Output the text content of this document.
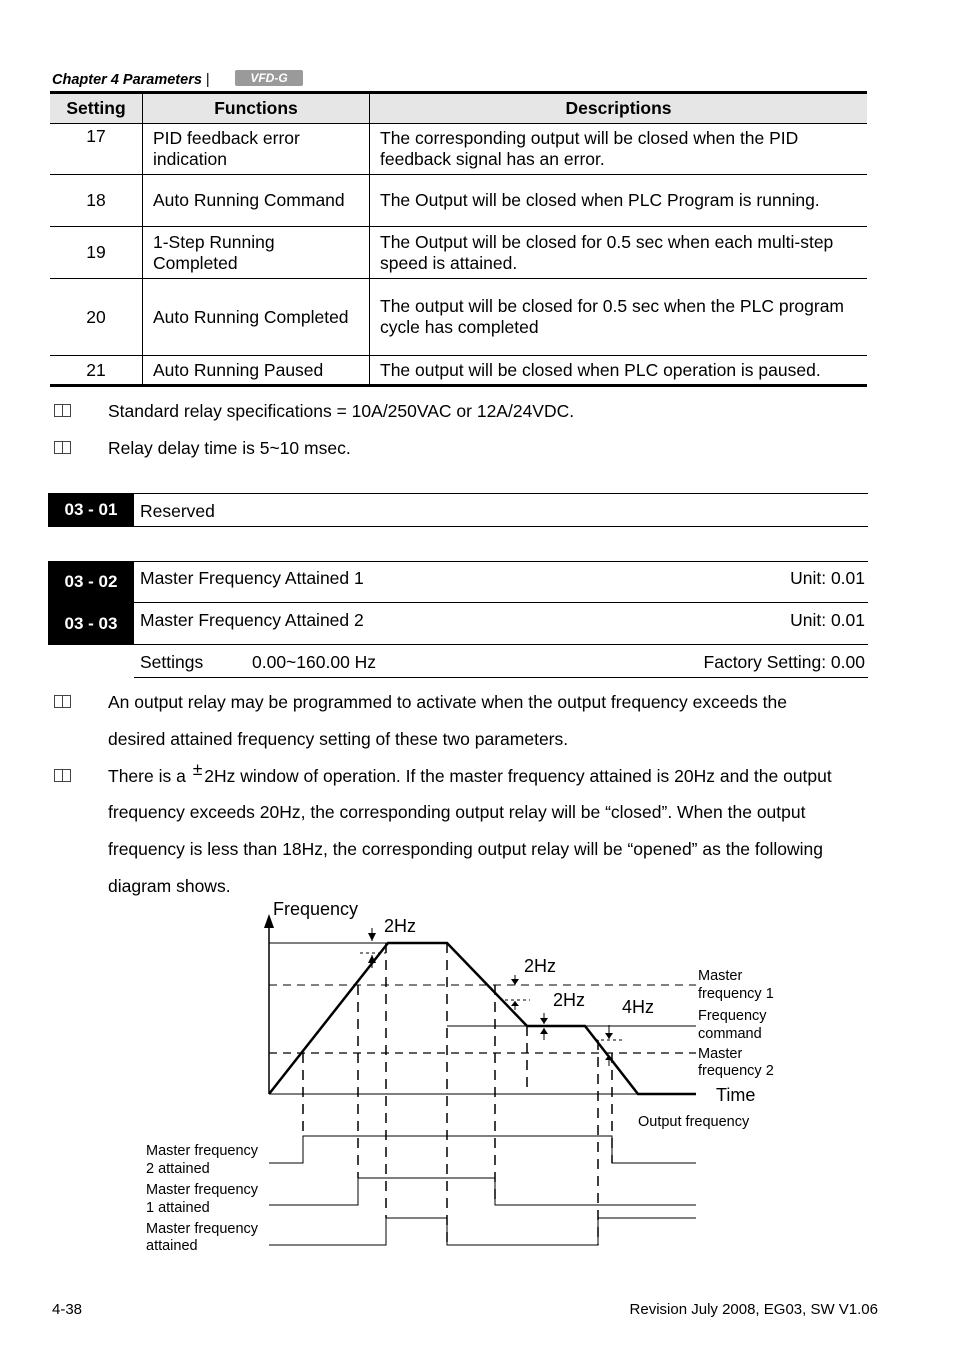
Chapter 4 Parameters |	VFD-G
Setting	Functions	Descriptions
17	PID feedback error indication	The corresponding output will be closed when the PID feedback signal has an error.
18	Auto Running Command	The Output will be closed when PLC Program is running.
19	1-Step Running Completed	The Output will be closed for 0.5 sec when each multi-step speed is attained.
20	Auto Running Completed	The output will be closed for 0.5 sec when the PLC program cycle has completed
21	Auto Running Paused	The output will be closed when PLC operation is paused.
Standard relay specifications = 10A/250VAC or 12A/24VDC.
Relay delay time is 5~10 msec.
03 - 01	Reserved
03 - 02	Master Frequency Attained 1	Unit: 0.01
03 - 03	Master Frequency Attained 2	Unit: 0.01
Settings	0.00~160.00 Hz	Factory Setting: 0.00
An output relay may be programmed to activate when the output frequency exceeds the
desired attained frequency setting of these two parameters.
There is a ± 2Hz window of operation. If the master frequency attained is 20Hz and the output
frequency exceeds 20Hz, the corresponding output relay will be “closed”. When the output
frequency is less than 18Hz, the corresponding output relay will be “opened” as the following
diagram shows.
Frequency
Time
2Hz
2Hz
2Hz 4Hz
Master
frequency 1
Frequency
command
Master
frequency 2
Output frequency
Master frequency
2 attained
Master frequency
1 attained
Master frequency
attained
4-38	Revision July 2008, EG03, SW V1.06
